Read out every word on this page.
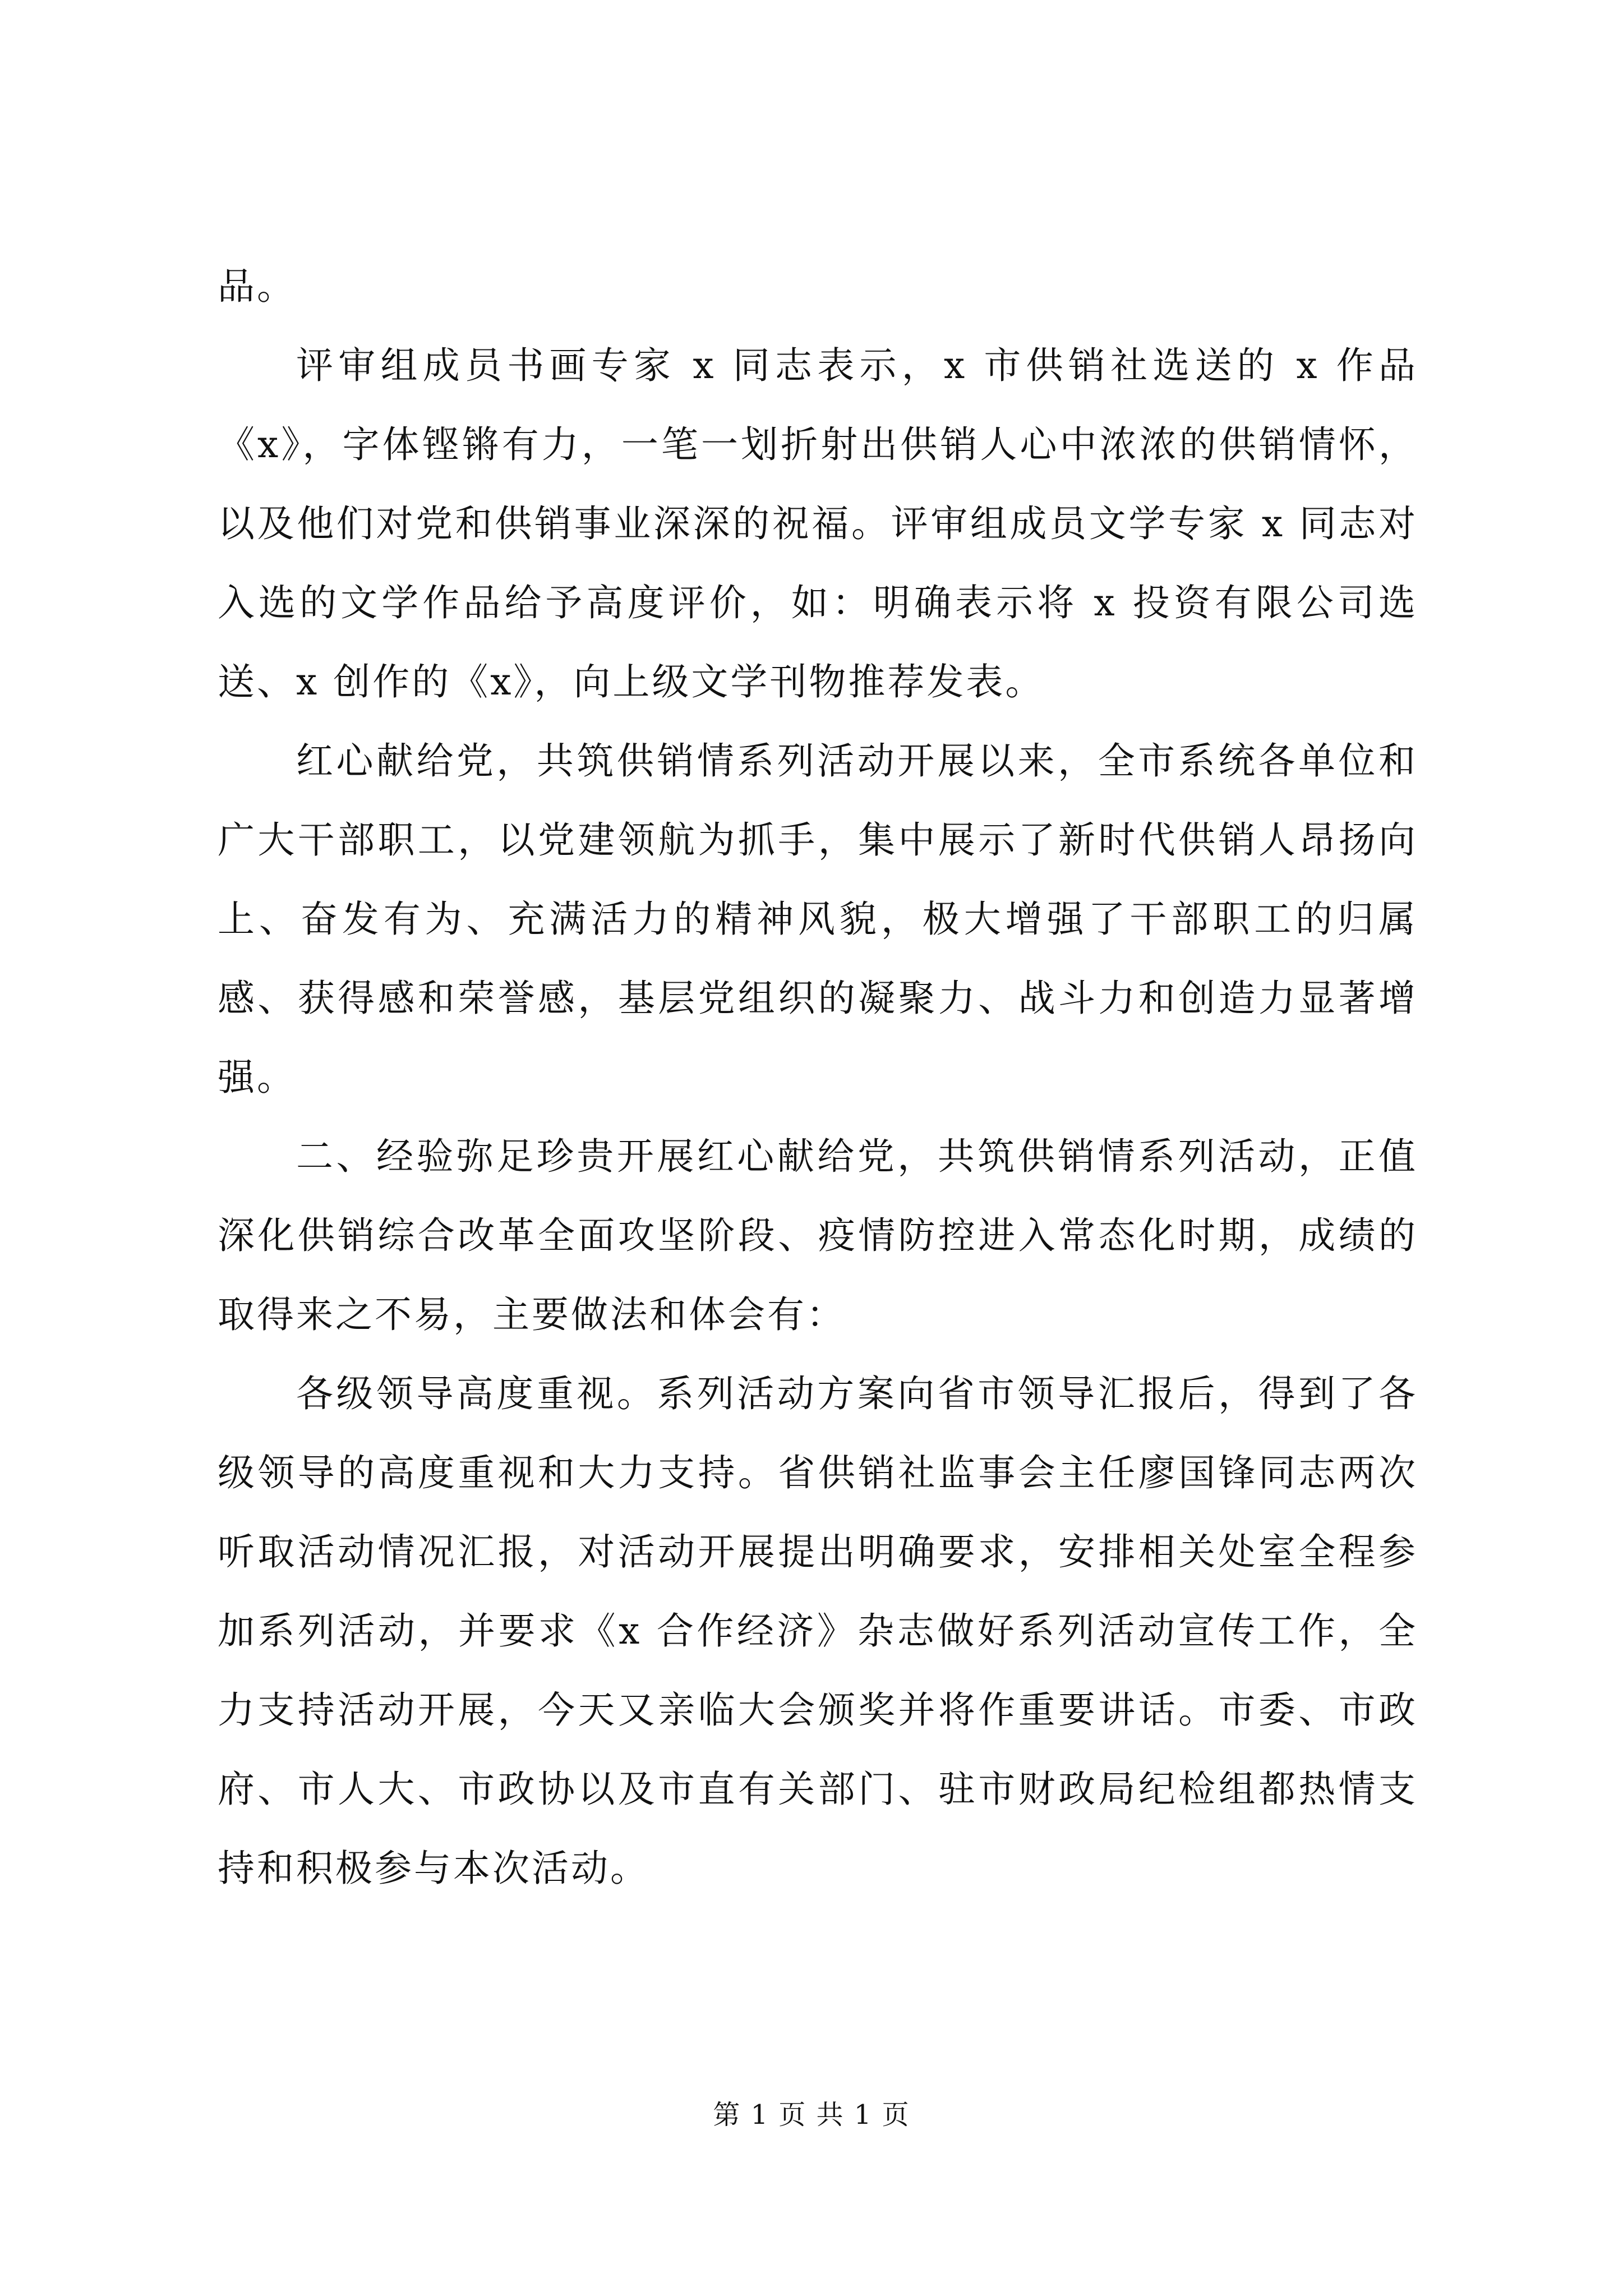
品。

评审组成员书画专家 x 同志表示，x 市供销社选送的 x 作品《x》，字体铿锵有力，一笔一划折射出供销人心中浓浓的供销情怀，以及他们对党和供销事业深深的祝福。评审组成员文学专家 x 同志对入选的文学作品给予高度评价，如：明确表示将 x 投资有限公司选送、x 创作的《x》，向上级文学刊物推荐发表。

红心献给党，共筑供销情系列活动开展以来，全市系统各单位和广大干部职工，以党建领航为抓手，集中展示了新时代供销人昂扬向上、奋发有为、充满活力的精神风貌，极大增强了干部职工的归属感、获得感和荣誉感，基层党组织的凝聚力、战斗力和创造力显著增强。

二、经验弥足珍贵开展红心献给党，共筑供销情系列活动，正值深化供销综合改革全面攻坚阶段、疫情防控进入常态化时期，成绩的取得来之不易，主要做法和体会有：

各级领导高度重视。系列活动方案向省市领导汇报后，得到了各级领导的高度重视和大力支持。省供销社监事会主任廖国锋同志两次听取活动情况汇报，对活动开展提出明确要求，安排相关处室全程参加系列活动，并要求《x 合作经济》杂志做好系列活动宣传工作，全力支持活动开展，今天又亲临大会颁奖并将作重要讲话。市委、市政府、市人大、市政协以及市直有关部门、驻市财政局纪检组都热情支持和积极参与本次活动。

第 1 页 共 1 页
